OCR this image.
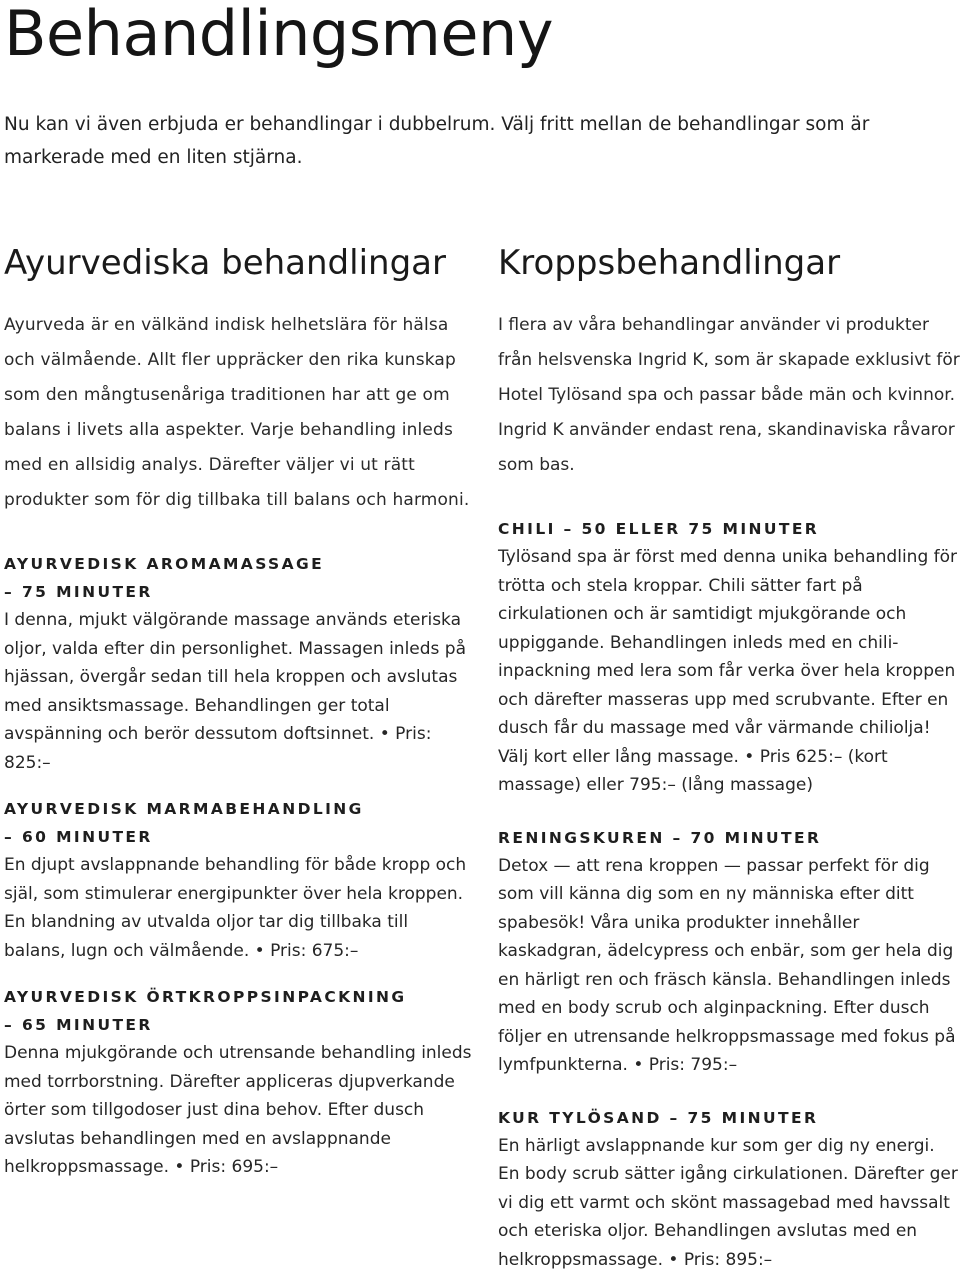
Behandlingsmeny

Nu kan vi även erbjuda er behandlingar i dubbelrum. Välj fritt mellan de behandlingar som är markerade med en liten stjärna.

Ayurvediska behandlingar

Ayurveda är en välkänd indisk helhetslära för hälsa och välmående. Allt fler uppräcker den rika kunskap som den mångtusenåriga traditionen har att ge om balans i livets alla aspekter. Varje behandling inleds med en allsidig analys. Därefter väljer vi ut rätt produkter som för dig tillbaka till balans och harmoni.

AYURVEDISK AROMAMASSAGE
– 75 MINUTER

I denna, mjukt välgörande massage används eteriska oljor, valda efter din personlighet. Massagen inleds på hjässan, övergår sedan till hela kroppen och avslutas med ansiktsmassage. Behandlingen ger total avspänning och berör dessutom doftsinnet. • Pris: 825:–

AYURVEDISK MARMABEHANDLING
– 60 MINUTER

En djupt avslappnande behandling för både kropp och själ, som stimulerar energipunkter över hela kroppen. En blandning av utvalda oljor tar dig tillbaka till balans, lugn och välmående. • Pris: 675:–

AYURVEDISK ÖRTKROPPSINPACKNING
– 65 MINUTER

Denna mjukgörande och utrensande behandling inleds med torrborstning. Därefter appliceras djupverkande örter som tillgodoser just dina behov. Efter dusch avslutas behandlingen med en avslappnande helkroppsmassage. • Pris: 695:–

Kroppsbehandlingar

I flera av våra behandlingar använder vi produkter från helsvenska Ingrid K, som är skapade exklusivt för Hotel Tylösand spa och passar både män och kvinnor. Ingrid K använder endast rena, skandinaviska råvaror som bas.

CHILI – 50 ELLER 75 MINUTER

Tylösand spa är först med denna unika behandling för trötta och stela kroppar. Chili sätter fart på cirkulationen och är samtidigt mjukgörande och uppiggande. Behandlingen inleds med en chili-inpackning med lera som får verka över hela kroppen och därefter masseras upp med scrubvante. Efter en dusch får du massage med vår värmande chiliolja! Välj kort eller lång massage. • Pris 625:– (kort massage) eller 795:– (lång massage)

RENINGSKUREN – 70 MINUTER

Detox — att rena kroppen — passar perfekt för dig som vill känna dig som en ny människa efter ditt spabesök! Våra unika produkter innehåller kaskadgran, ädelcypress och enbär, som ger hela dig en härligt ren och fräsch känsla. Behandlingen inleds med en body scrub och alginpackning. Efter dusch följer en utrensande helkroppsmassage med fokus på lymfpunkterna. • Pris: 795:–

KUR TYLÖSAND – 75 MINUTER

En härligt avslappnande kur som ger dig ny energi. En body scrub sätter igång cirkulationen. Därefter ger vi dig ett varmt och skönt massagebad med havssalt och eteriska oljor. Behandlingen avslutas med en helkroppsmassage. • Pris: 895:–
